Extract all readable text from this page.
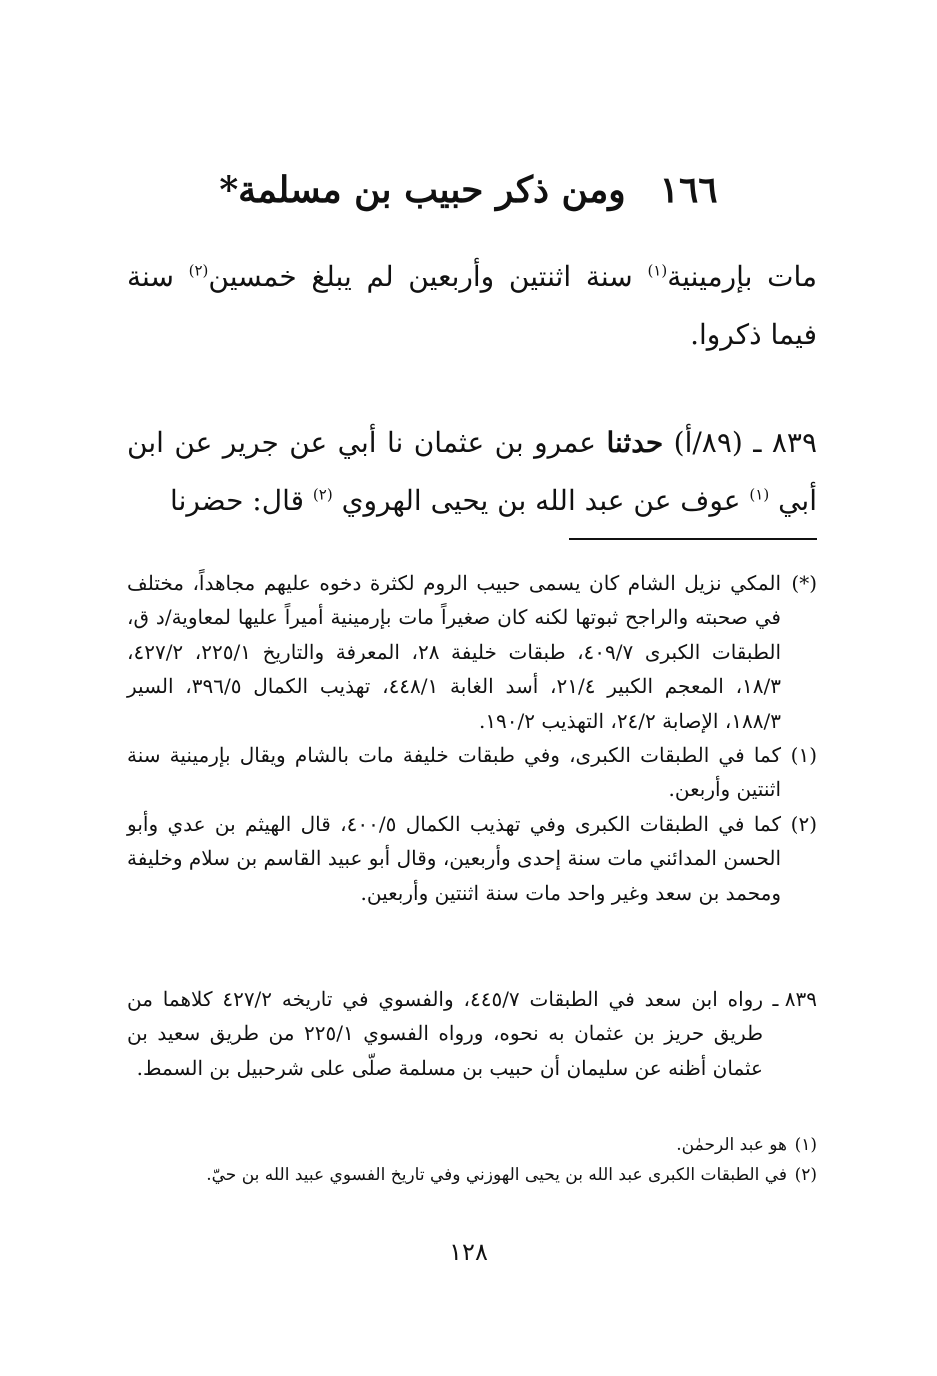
١٦٦ومن ذكر حبيب بن مسلمة*
مات بإرمينية$^{(١)}$ سنة اثنتين وأربعين لم يبلغ خمسين$^{(٢)}$ سنة فيما ذكروا.
٨٣٩ ـ (٨٩/أ) حدثنا عمرو بن عثمان نا أبي عن جرير عن ابن أبي $^{(١)}$ عوف عن عبد الله بن يحيى الهروي $^{(٢)}$ قال: حضرنا

(*)
المكي نزيل الشام كان يسمى حبيب الروم لكثرة دخوه عليهم مجاهداً، مختلف في صحبته والراجح ثبوتها لكنه كان صغيراً مات بإرمينية أميراً عليها لمعاوية/د ق، الطبقات الكبرى ٤٠٩/٧، طبقات خليفة ٢٨، المعرفة والتاريخ ٢٢٥/١، ٤٢٧/٢، ١٨/٣، المعجم الكبير ٢١/٤، أسد الغابة ٤٤٨/١، تهذيب الكمال ٣٩٦/٥، السير ١٨٨/٣، الإصابة ٢٤/٢، التهذيب ١٩٠/٢.

(١)
كما في الطبقات الكبرى، وفي طبقات خليفة مات بالشام ويقال بإرمينية سنة اثنتين وأربعن.

(٢)
كما في الطبقات الكبرى وفي تهذيب الكمال ٤٠٠/٥، قال الهيثم بن عدي وأبو الحسن المدائني مات سنة إحدى وأربعين، وقال أبو عبيد القاسم بن سلام وخليفة ومحمد بن سعد وغير واحد مات سنة اثنتين وأربعين.

٨٣٩ ـ
رواه ابن سعد في الطبقات ٤٤٥/٧، والفسوي في تاريخه ٤٢٧/٢ كلاهما من طريق حريز بن عثمان به نحوه، ورواه الفسوي ٢٢٥/١ من طريق سعيد بن عثمان أظنه عن سليمان أن حبيب بن مسلمة صلّى على شرحبيل بن السمط.

(١)
هو عبد الرحمٰن.

(٢)
في الطبقات الكبرى عبد الله بن يحيى الهوزني وفي تاريخ الفسوي عبيد الله بن حيّ.

١٢٨
